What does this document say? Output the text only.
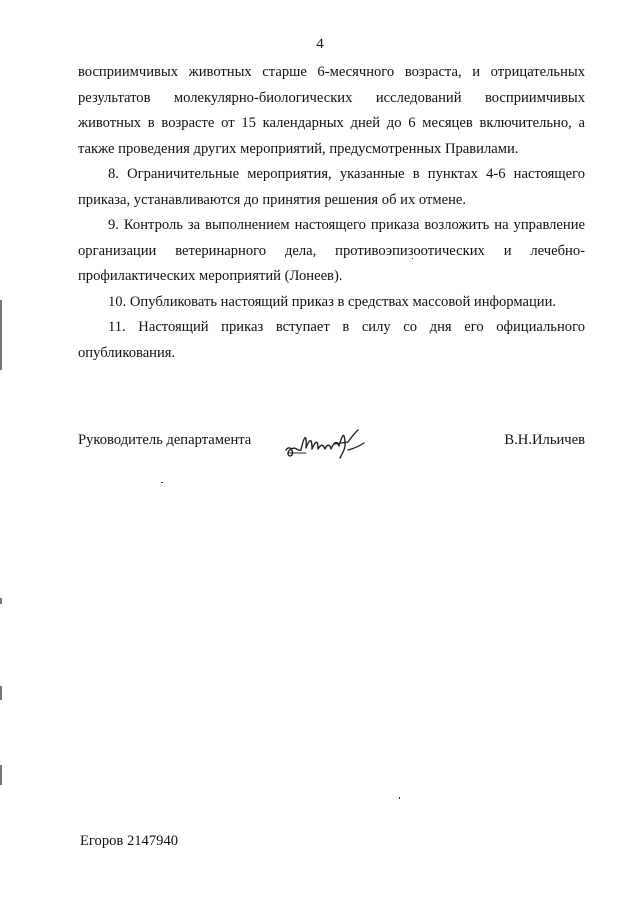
4

восприимчивых животных старше 6-месячного возраста, и отрицательных результатов молекулярно-биологических исследований восприимчивых животных в возрасте от 15 календарных дней до 6 месяцев включительно, а также проведения других мероприятий, предусмотренных Правилами.

8. Ограничительные мероприятия, указанные в пунктах 4-6 настоящего приказа, устанавливаются до принятия решения об их отмене.

9. Контроль за выполнением настоящего приказа возложить на управление организации ветеринарного дела, противоэпизоотических и лечебно-профилактических мероприятий (Лонеев).

10. Опубликовать настоящий приказ в средствах массовой информации.

11. Настоящий приказ вступает в силу со дня его официального опубликования.

Руководитель департамента	В.Н.Ильичев
Егоров 2147940
